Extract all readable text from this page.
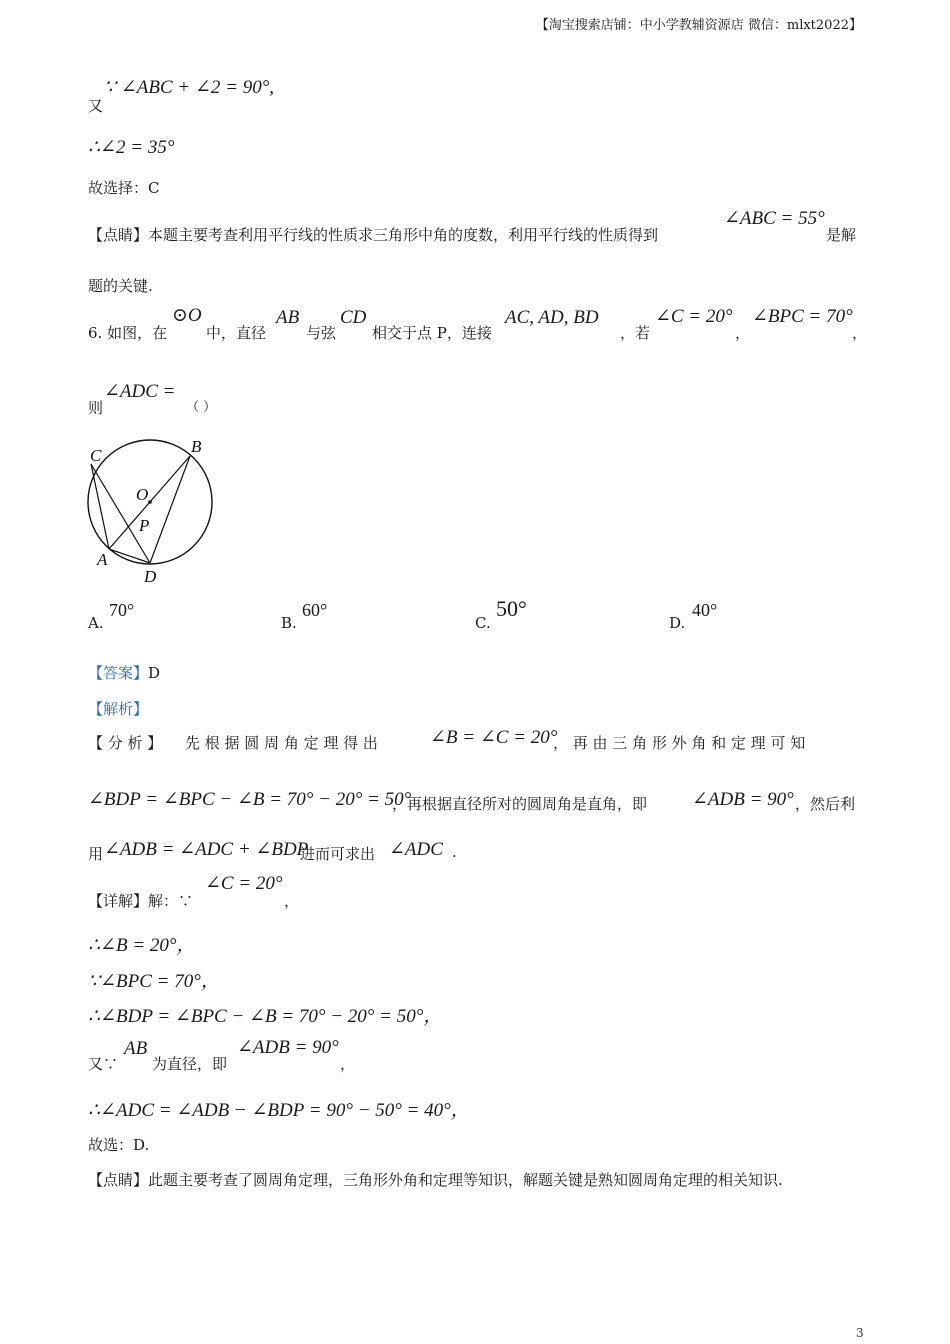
【淘宝搜索店铺：中小学教辅资源店 微信：mlxt2022】
又
∵ ∠ABC + ∠2 = 90°,
∴∠2 = 35°
故选择：C
【点睛】本题主要考查利用平行线的性质求三角形中角的度数，利用平行线的性质得到
∠ABC = 55°
是解
题的关键.
6. 如图，在
⊙O
中，直径
AB
与弦
CD
相交于点 P，连接
AC, AD, BD
，若
∠C = 20°
，
∠BPC = 70°
，
则
∠ADC =
（ ）
C	B
O
P
A
D
A.
70°
B.
60°
C.
50°
D.
40°
【答案】D
【解析】
【 分 析 】 先 根 据 圆 周 角 定 理 得 出	∠B = ∠C = 20°
， 再 由 三 角 形 外 角 和 定 理 可 知
∠BDP = ∠BPC − ∠B = 70° − 20° = 50°
，再根据直径所对的圆周角是直角，即 ∠ADB = 90° ，然后利
用 ∠ADB = ∠ADC + ∠BDP
进而可求出 ∠ADC .
【详解】解：∵
∠C = 20°
，
∴∠B = 20°，
∵∠BPC = 70°，
∴∠BDP = ∠BPC − ∠B = 70° − 20° = 50°，
又∵
AB
为直径，即
∠ADB = 90°
，
∴∠ADC = ∠ADB − ∠BDP = 90° − 50° = 40°，
故选：D.
【点睛】此题主要考查了圆周角定理，三角形外角和定理等知识，解题关键是熟知圆周角定理的相关知识.
3
